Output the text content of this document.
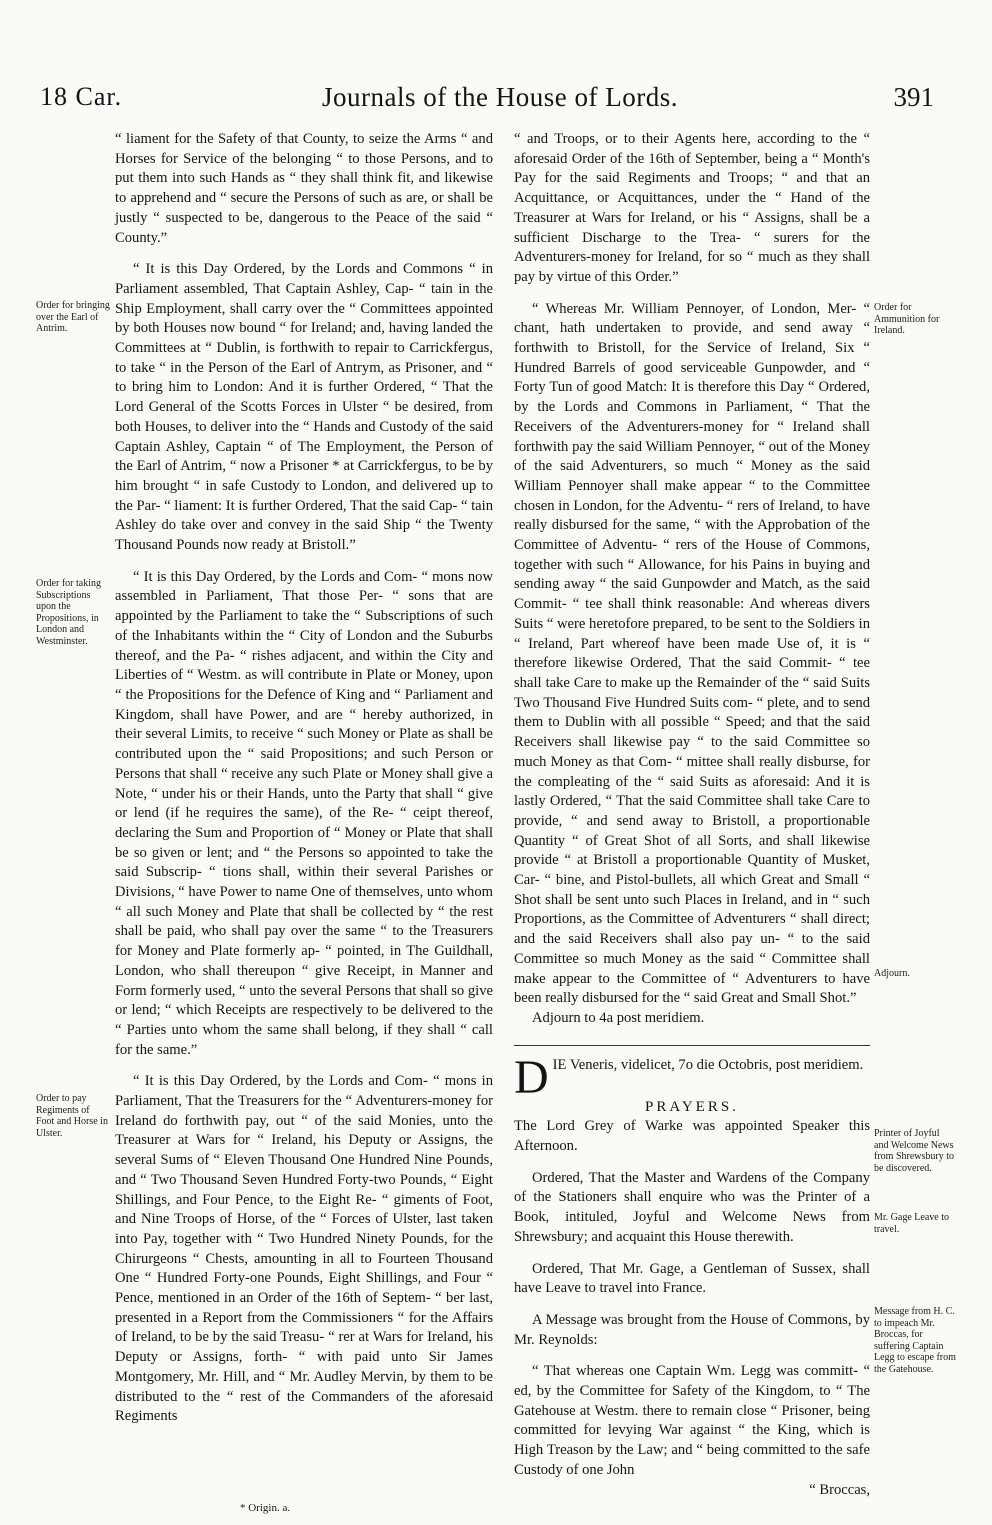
18 Car.	Journals of the House of Lords.	391
Order for bringing over the Earl of Antrim.
Order for taking Subscriptions upon the Propositions, in London and Westminster.
Order to pay Regiments of Foot and Horse in Ulster.
Order for Ammunition for Ireland.
Adjourn.
Printer of Joyful and Welcome News from Shrewsbury to be discovered.
Mr. Gage Leave to travel.
Message from H. C. to impeach Mr. Broccas, for suffering Captain Legg to escape from the Gatehouse.

“ liament for the Safety of that County, to seize the Arms “ and Horses for Service of the belonging “ to those Persons, and to put them into such Hands as “ they shall think fit, and likewise to apprehend and “ secure the Persons of such as are, or shall be justly “ suspected to be, dangerous to the Peace of the said “ County.”

“ It is this Day Ordered, by the Lords and Commons “ in Parliament assembled, That Captain Ashley, Cap- “ tain in the Ship Employment, shall carry over the “ Committees appointed by both Houses now bound “ for Ireland; and, having landed the Committees at “ Dublin, is forthwith to repair to Carrickfergus, to take “ in the Person of the Earl of Antrym, as Prisoner, and “ to bring him to London: And it is further Ordered, “ That the Lord General of the Scotts Forces in Ulster “ be desired, from both Houses, to deliver into the “ Hands and Custody of the said Captain Ashley, Captain “ of The Employment, the Person of the Earl of Antrim, “ now a Prisoner * at Carrickfergus, to be by him brought “ in safe Custody to London, and delivered up to the Par- “ liament: It is further Ordered, That the said Cap- “ tain Ashley do take over and convey in the said Ship “ the Twenty Thousand Pounds now ready at Bristoll.”

“ It is this Day Ordered, by the Lords and Com- “ mons now assembled in Parliament, That those Per- “ sons that are appointed by the Parliament to take the “ Subscriptions of such of the Inhabitants within the “ City of London and the Suburbs thereof, and the Pa- “ rishes adjacent, and within the City and Liberties of “ Westm. as will contribute in Plate or Money, upon “ the Propositions for the Defence of King and “ Parliament and Kingdom, shall have Power, and are “ hereby authorized, in their several Limits, to receive “ such Money or Plate as shall be contributed upon the “ said Propositions; and such Person or Persons that shall “ receive any such Plate or Money shall give a Note, “ under his or their Hands, unto the Party that shall “ give or lend (if he requires the same), of the Re- “ ceipt thereof, declaring the Sum and Proportion of “ Money or Plate that shall be so given or lent; and “ the Persons so appointed to take the said Subscrip- “ tions shall, within their several Parishes or Divisions, “ have Power to name One of themselves, unto whom “ all such Money and Plate that shall be collected by “ the rest shall be paid, who shall pay over the same “ to the Treasurers for Money and Plate formerly ap- “ pointed, in The Guildhall, London, who shall thereupon “ give Receipt, in Manner and Form formerly used, “ unto the several Persons that shall so give or lend; “ which Receipts are respectively to be delivered to the “ Parties unto whom the same shall belong, if they shall “ call for the same.”

“ It is this Day Ordered, by the Lords and Com- “ mons in Parliament, That the Treasurers for the “ Adventurers-money for Ireland do forthwith pay, out “ of the said Monies, unto the Treasurer at Wars for “ Ireland, his Deputy or Assigns, the several Sums of “ Eleven Thousand One Hundred Nine Pounds, and “ Two Thousand Seven Hundred Forty-two Pounds, “ Eight Shillings, and Four Pence, to the Eight Re- “ giments of Foot, and Nine Troops of Horse, of the “ Forces of Ulster, last taken into Pay, together with “ Two Hundred Ninety Pounds, for the Chirurgeons “ Chests, amounting in all to Fourteen Thousand One “ Hundred Forty-one Pounds, Eight Shillings, and Four “ Pence, mentioned in an Order of the 16th of Septem- “ ber last, presented in a Report from the Commissioners “ for the Affairs of Ireland, to be by the said Treasu- “ rer at Wars for Ireland, his Deputy or Assigns, forth- “ with paid unto Sir James Montgomery, Mr. Hill, and “ Mr. Audley Mervin, by them to be distributed to the “ rest of the Commanders of the aforesaid Regiments

“ and Troops, or to their Agents here, according to the “ aforesaid Order of the 16th of September, being a “ Month's Pay for the said Regiments and Troops; “ and that an Acquittance, or Acquittances, under the “ Hand of the Treasurer at Wars for Ireland, or his “ Assigns, shall be a sufficient Discharge to the Trea- “ surers for the Adventurers-money for Ireland, for so “ much as they shall pay by virtue of this Order.”

“ Whereas Mr. William Pennoyer, of London, Mer- “ chant, hath undertaken to provide, and send away “ forthwith to Bristoll, for the Service of Ireland, Six “ Hundred Barrels of good serviceable Gunpowder, and “ Forty Tun of good Match: It is therefore this Day “ Ordered, by the Lords and Commons in Parliament, “ That the Receivers of the Adventurers-money for “ Ireland shall forthwith pay the said William Pennoyer, “ out of the Money of the said Adventurers, so much “ Money as the said William Pennoyer shall make appear “ to the Committee chosen in London, for the Adventu- “ rers of Ireland, to have really disbursed for the same, “ with the Approbation of the Committee of Adventu- “ rers of the House of Commons, together with such “ Allowance, for his Pains in buying and sending away “ the said Gunpowder and Match, as the said Commit- “ tee shall think reasonable: And whereas divers Suits “ were heretofore prepared, to be sent to the Soldiers in “ Ireland, Part whereof have been made Use of, it is “ therefore likewise Ordered, That the said Commit- “ tee shall take Care to make up the Remainder of the “ said Suits Two Thousand Five Hundred Suits com- “ plete, and to send them to Dublin with all possible “ Speed; and that the said Receivers shall likewise pay “ to the said Committee so much Money as that Com- “ mittee shall really disburse, for the compleating of the “ said Suits as aforesaid: And it is lastly Ordered, “ That the said Committee shall take Care to provide, “ and send away to Bristoll, a proportionable Quantity “ of Great Shot of all Sorts, and shall likewise provide “ at Bristoll a proportionable Quantity of Musket, Car- “ bine, and Pistol-bullets, all which Great and Small “ Shot shall be sent unto such Places in Ireland, and in “ such Proportions, as the Committee of Adventurers “ shall direct; and the said Receivers shall also pay un- “ to the said Committee so much Money as the said “ Committee shall make appear to the Committee of “ Adventurers to have been really disbursed for the “ said Great and Small Shot.”

Adjourn to 4a post meridiem.

D IE Veneris, videlicet, 7o die Octobris, post meridiem.

PRAYERS.

The Lord Grey of Warke was appointed Speaker this Afternoon.

Ordered, That the Master and Wardens of the Company of the Stationers shall enquire who was the Printer of a Book, intituled, Joyful and Welcome News from Shrewsbury; and acquaint this House therewith.

Ordered, That Mr. Gage, a Gentleman of Sussex, shall have Leave to travel into France.

A Message was brought from the House of Commons, by Mr. Reynolds:

“ That whereas one Captain Wm. Legg was committ- “ ed, by the Committee for Safety of the Kingdom, to “ The Gatehouse at Westm. there to remain close “ Prisoner, being committed for levying War against “ the King, which is High Treason by the Law; and “ being committed to the safe Custody of one John

“ Broccas,

* Origin. a.
